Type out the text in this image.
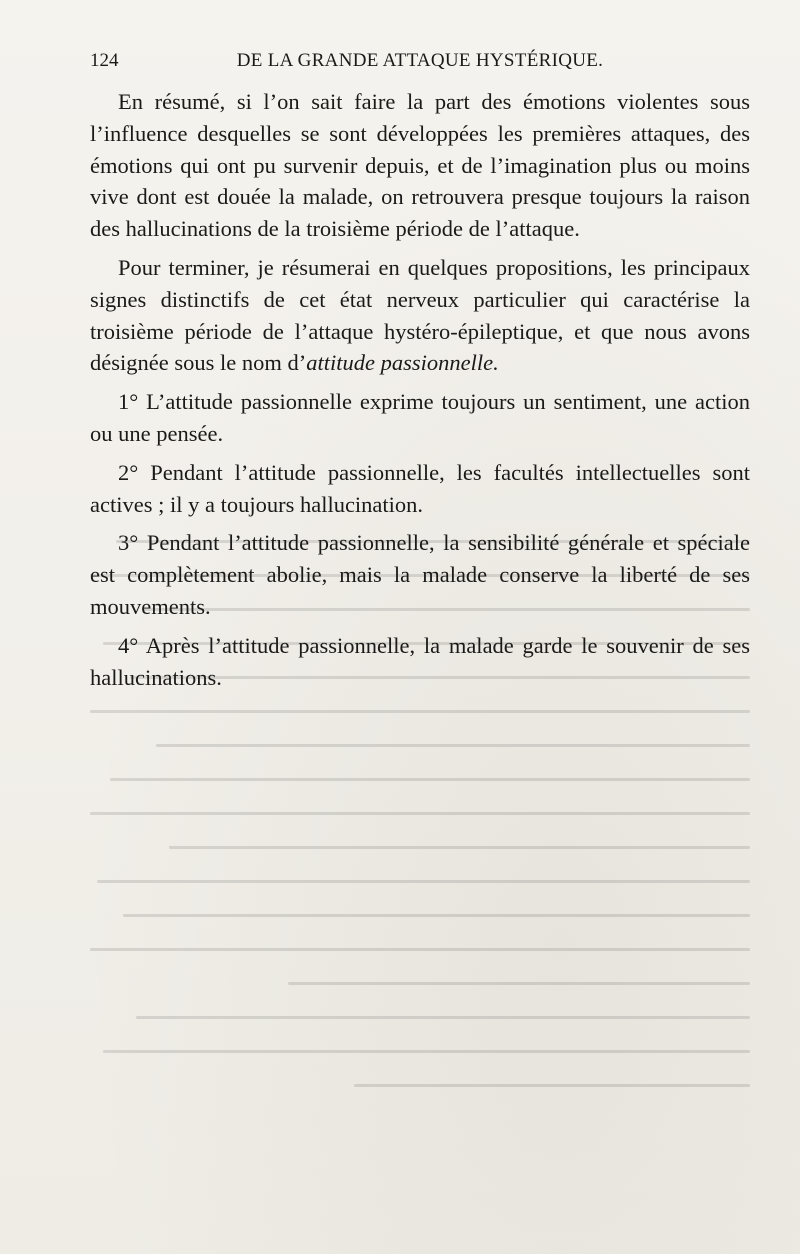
124	DE LA GRANDE ATTAQUE HYSTÉRIQUE.

En résumé, si l’on sait faire la part des émotions violentes sous l’influence desquelles se sont développées les premières attaques, des émotions qui ont pu survenir depuis, et de l’imagination plus ou moins vive dont est douée la malade, on retrouvera presque toujours la raison des hallucinations de la troisième période de l’attaque.

Pour terminer, je résumerai en quelques propositions, les principaux signes distinctifs de cet état nerveux particulier qui caractérise la troisième période de l’attaque hystéro-épileptique, et que nous avons désignée sous le nom d’attitude passionnelle.

1° L’attitude passionnelle exprime toujours un sentiment, une action ou une pensée.

2° Pendant l’attitude passionnelle, les facultés intellectuelles sont actives ; il y a toujours hallucination.

3° Pendant l’attitude passionnelle, la sensibilité générale et spéciale est complètement abolie, mais la malade conserve la liberté de ses mouvements.

4° Après l’attitude passionnelle, la malade garde le souvenir de ses hallucinations.
